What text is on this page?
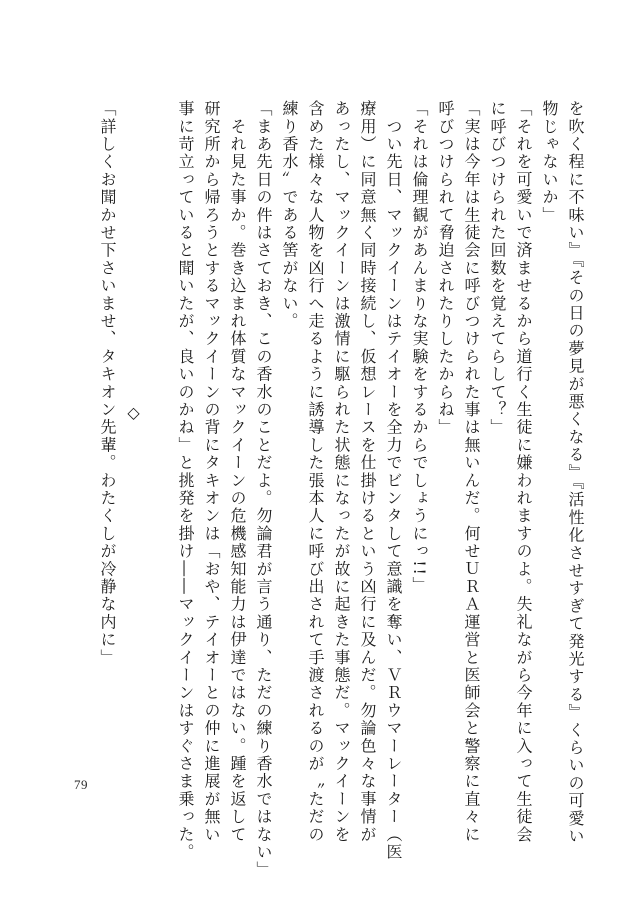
を吹く程に不味い』『その日の夢見が悪くなる』『活性化させすぎて発光する』くらいの可愛い
物じゃないか」
「それを可愛いで済ませるから道行く生徒に嫌われますのよ。失礼ながら今年に入って生徒会
に呼びつけられた回数を覚えてらして？」
「実は今年は生徒会に呼びつけられた事は無いんだ。何せＵＲＡ運営と医師会と警察に直々に
呼びつけられて脅迫されたりしたからね」
「それは倫理観があんまりな実験をするからでしょうにっ!!」
　つい先日、マックイーンはテイオーを全力でビンタして意識を奪い、ＶＲウマーレーター（医
療用）に同意無く同時接続し、仮想レースを仕掛けるという凶行に及んだ。勿論色々な事情が
あったし、マックイーンは激情に駆られた状態になったが故に起きた事態だ。マックイーンを
含めた様々な人物を凶行へ走るように誘導した張本人に呼び出されて手渡されるのが〝ただの
練り香水〟である筈がない。
「まあ先日の件はさておき、この香水のことだよ。勿論君が言う通り、ただの練り香水ではない」
　それ見た事か。巻き込まれ体質なマックイーンの危機感知能力は伊達ではない。踵を返して
研究所から帰ろうとするマックイーンの背にタキオンは「おや、テイオーとの仲に進展が無い
事に苛立っていると聞いたが、良いのかね」と挑発を掛け――マックイーンはすぐさま乗った。
◇
「詳しくお聞かせ下さいませ、タキオン先輩。わたくしが冷静な内に」
79
